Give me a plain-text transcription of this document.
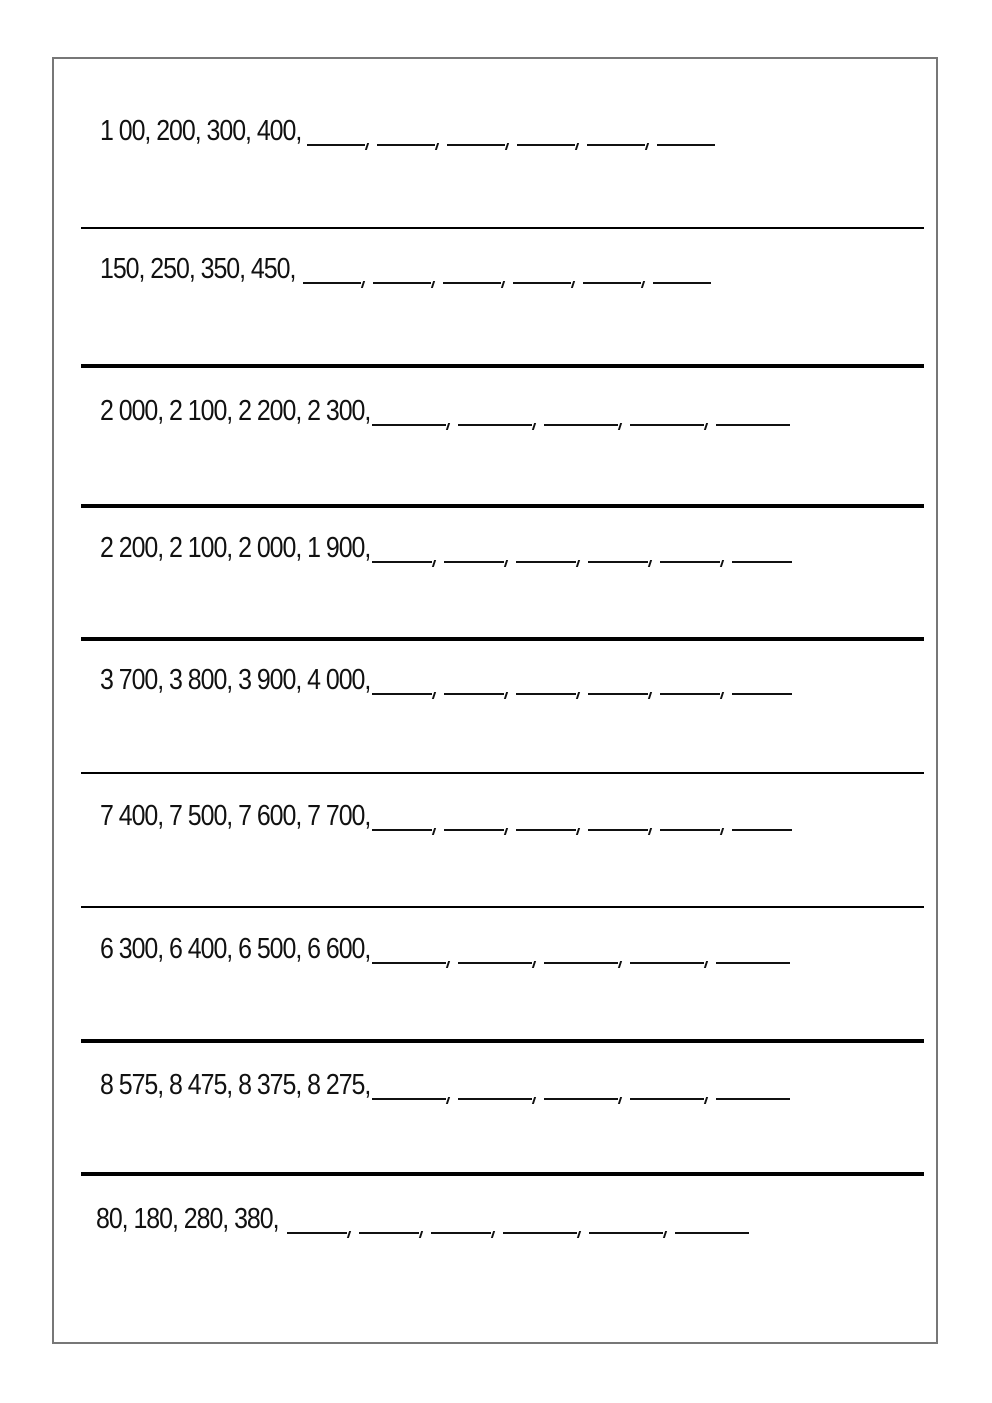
1 00, 200, 300, 400,
150, 250, 350, 450,
2 000, 2 100, 2 200, 2 300,
2 200, 2 100, 2 000, 1 900,
3 700, 3 800, 3 900, 4 000,
7 400, 7 500, 7 600, 7 700,
6 300, 6 400, 6 500, 6 600,
8 575, 8 475, 8 375, 8 275,
80, 180, 280, 380,
